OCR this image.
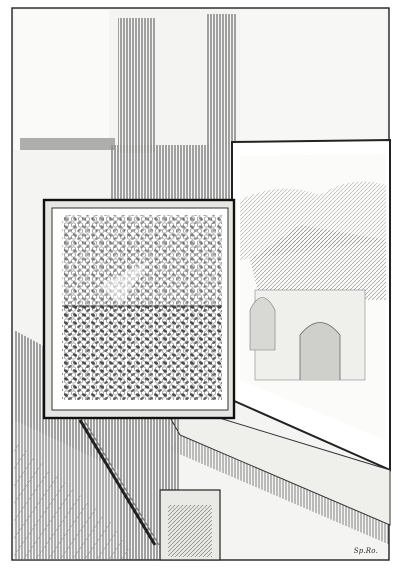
Sp.Ro.
